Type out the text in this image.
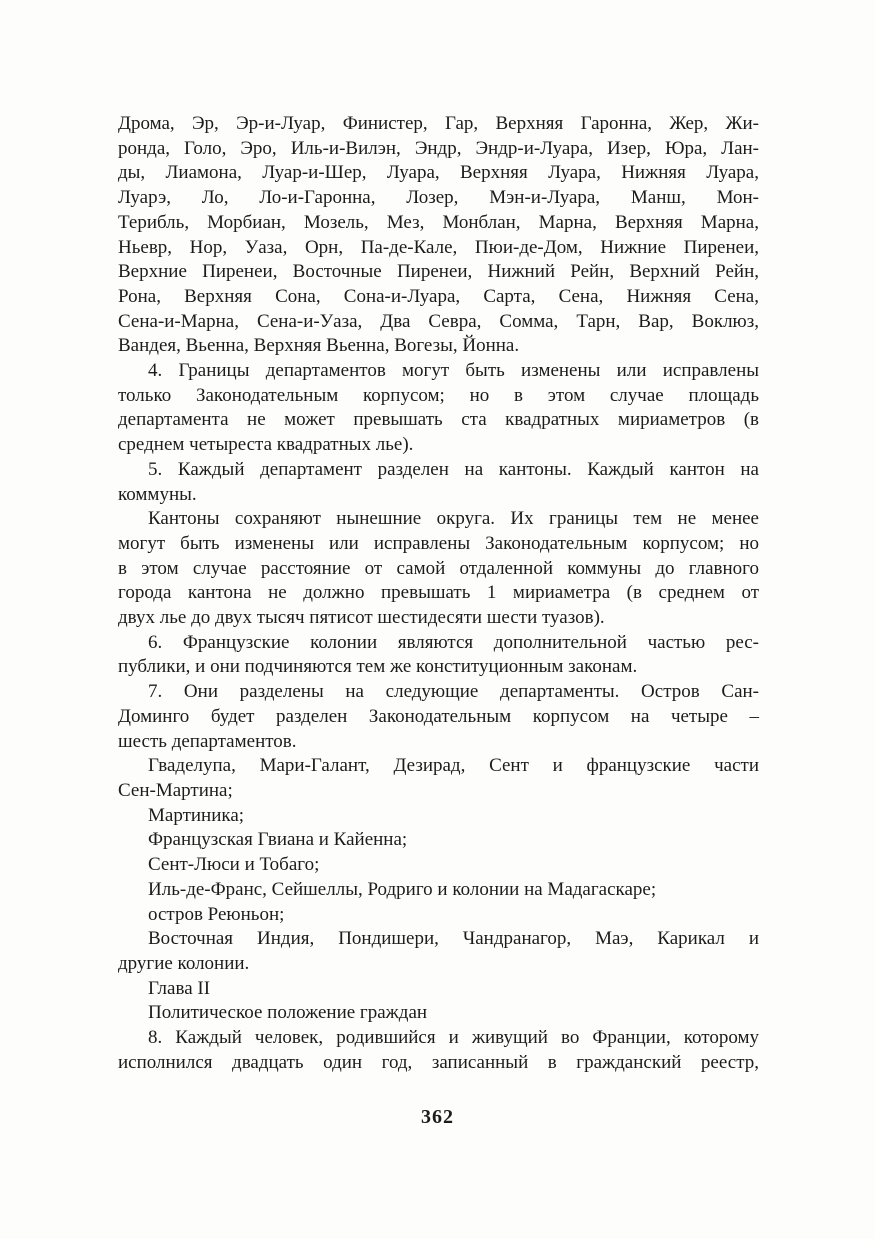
Дрома, Эр, Эр-и-Луар, Финистер, Гар, Верхняя Гаронна, Жер, Жи-
ронда, Голо, Эро, Иль-и-Вилэн, Эндр, Эндр-и-Луара, Изер, Юра, Лан-
ды, Лиамона, Луар-и-Шер, Луара, Верхняя Луара, Нижняя Луара,
Луарэ, Ло, Ло-и-Гаронна, Лозер, Мэн-и-Луара, Манш, Мон-
Терибль, Морбиан, Мозель, Мез, Монблан, Марна, Верхняя Марна,
Ньевр, Нор, Уаза, Орн, Па-де-Кале, Пюи-де-Дом, Нижние Пиренеи,
Верхние Пиренеи, Восточные Пиренеи, Нижний Рейн, Верхний Рейн,
Рона, Верхняя Сона, Сона-и-Луара, Сарта, Сена, Нижняя Сена,
Сена-и-Марна, Сена-и-Уаза, Два Севра, Сомма, Тарн, Вар, Воклюз,
Вандея, Вьенна, Верхняя Вьенна, Вогезы, Йонна.
4. Границы департаментов могут быть изменены или исправлены
только Законодательным корпусом; но в этом случае площадь
департамента не может превышать ста квадратных мириаметров (в
среднем четыреста квадратных лье).
5. Каждый департамент разделен на кантоны. Каждый кантон на
коммуны.
Кантоны сохраняют нынешние округа. Их границы тем не менее
могут быть изменены или исправлены Законодательным корпусом; но
в этом случае расстояние от самой отдаленной коммуны до главного
города кантона не должно превышать 1 мириаметра (в среднем от
двух лье до двух тысяч пятисот шестидесяти шести туазов).
6. Французские колонии являются дополнительной частью рес-
публики, и они подчиняются тем же конституционным законам.
7. Они разделены на следующие департаменты. Остров Сан-
Доминго будет разделен Законодательным корпусом на четыре –
шесть департаментов.
Гваделупа, Мари-Галант, Дезирад, Сент и французские части
Сен-Мартина;
Мартиника;
Французская Гвиана и Кайенна;
Сент-Люси и Тобаго;
Иль-де-Франс, Сейшеллы, Родриго и колонии на Мадагаскаре;
остров Реюньон;
Восточная Индия, Пондишери, Чандранагор, Маэ, Карикал и
другие колонии.
Глава II
Политическое положение граждан
8. Каждый человек, родившийся и живущий во Франции, которому
исполнился двадцать один год, записанный в гражданский реестр,
362
